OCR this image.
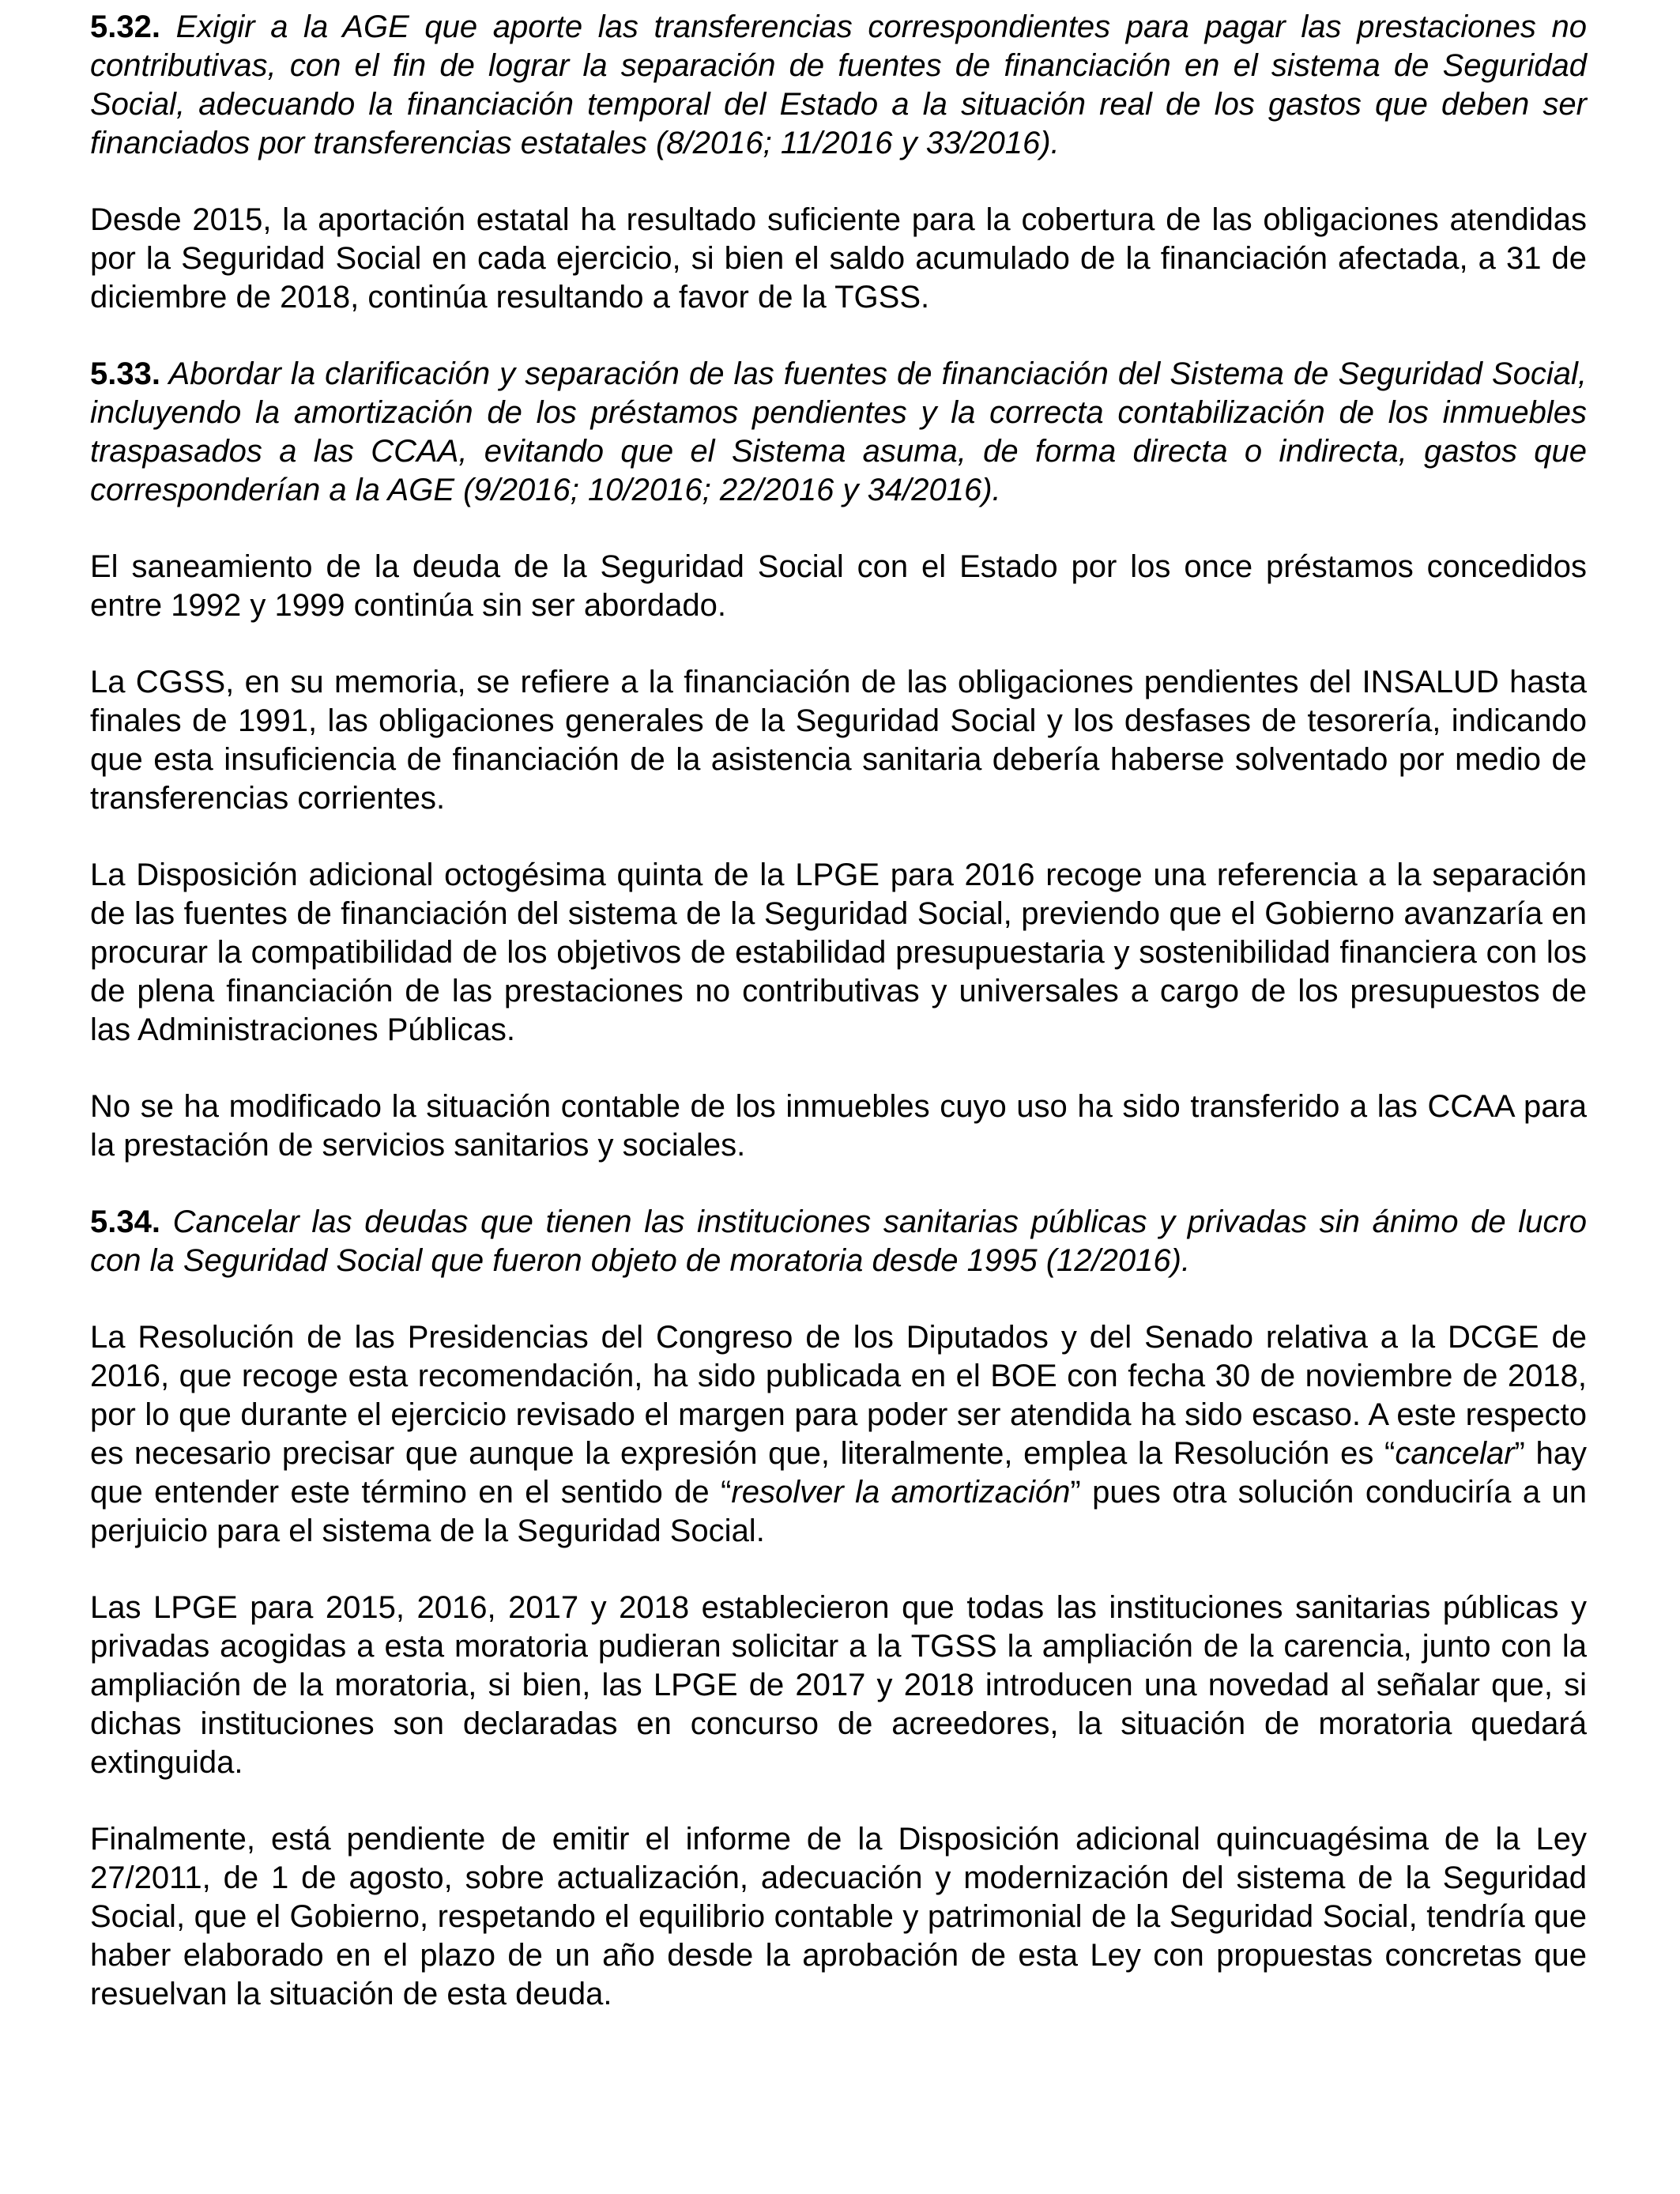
5.32. Exigir a la AGE que aporte las transferencias correspondientes para pagar las prestaciones no contributivas, con el fin de lograr la separación de fuentes de financiación en el sistema de Seguridad Social, adecuando la financiación temporal del Estado a la situación real de los gastos que deben ser financiados por transferencias estatales (8/2016; 11/2016 y 33/2016).

Desde 2015, la aportación estatal ha resultado suficiente para la cobertura de las obligaciones atendidas por la Seguridad Social en cada ejercicio, si bien el saldo acumulado de la financiación afectada, a 31 de diciembre de 2018, continúa resultando a favor de la TGSS.

5.33. Abordar la clarificación y separación de las fuentes de financiación del Sistema de Seguridad Social, incluyendo la amortización de los préstamos pendientes y la correcta contabilización de los inmuebles traspasados a las CCAA, evitando que el Sistema asuma, de forma directa o indirecta, gastos que corresponderían a la AGE (9/2016; 10/2016; 22/2016 y 34/2016).

El saneamiento de la deuda de la Seguridad Social con el Estado por los once préstamos concedidos entre 1992 y 1999 continúa sin ser abordado.

La CGSS, en su memoria, se refiere a la financiación de las obligaciones pendientes del INSALUD hasta finales de 1991, las obligaciones generales de la Seguridad Social y los desfases de tesorería, indicando que esta insuficiencia de financiación de la asistencia sanitaria debería haberse solventado por medio de transferencias corrientes.

La Disposición adicional octogésima quinta de la LPGE para 2016 recoge una referencia a la separación de las fuentes de financiación del sistema de la Seguridad Social, previendo que el Gobierno avanzaría en procurar la compatibilidad de los objetivos de estabilidad presupuestaria y sostenibilidad financiera con los de plena financiación de las prestaciones no contributivas y universales a cargo de los presupuestos de las Administraciones Públicas.

No se ha modificado la situación contable de los inmuebles cuyo uso ha sido transferido a las CCAA para la prestación de servicios sanitarios y sociales.

5.34. Cancelar las deudas que tienen las instituciones sanitarias públicas y privadas sin ánimo de lucro con la Seguridad Social que fueron objeto de moratoria desde 1995 (12/2016).

La Resolución de las Presidencias del Congreso de los Diputados y del Senado relativa a la DCGE de 2016, que recoge esta recomendación, ha sido publicada en el BOE con fecha 30 de noviembre de 2018, por lo que durante el ejercicio revisado el margen para poder ser atendida ha sido escaso. A este respecto es necesario precisar que aunque la expresión que, literalmente, emplea la Resolución es “cancelar” hay que entender este término en el sentido de “resolver la amortización” pues otra solución conduciría a un perjuicio para el sistema de la Seguridad Social.

Las LPGE para 2015, 2016, 2017 y 2018 establecieron que todas las instituciones sanitarias públicas y privadas acogidas a esta moratoria pudieran solicitar a la TGSS la ampliación de la carencia, junto con la ampliación de la moratoria, si bien, las LPGE de 2017 y 2018 introducen una novedad al señalar que, si dichas instituciones son declaradas en concurso de acreedores, la situación de moratoria quedará extinguida.

Finalmente, está pendiente de emitir el informe de la Disposición adicional quincuagésima de la Ley 27/2011, de 1 de agosto, sobre actualización, adecuación y modernización del sistema de la Seguridad Social, que el Gobierno, respetando el equilibrio contable y patrimonial de la Seguridad Social, tendría que haber elaborado en el plazo de un año desde la aprobación de esta Ley con propuestas concretas que resuelvan la situación de esta deuda.
